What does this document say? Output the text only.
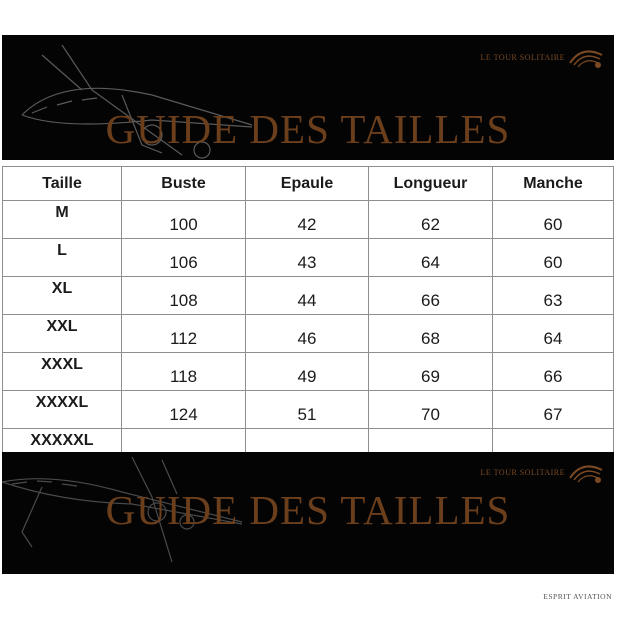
LE TOUR SOLITAIRE
GUIDE DES TAILLES
Taille	Buste	Epaule	Longueur	Manche
M	100	42	62	60
L	106	43	64	60
XL	108	44	66	63
XXL	112	46	68	64
XXXL	118	49	69	66
XXXXL	124	51	70	67
XXXXXL				
LE TOUR SOLITAIRE
GUIDE DES TAILLES
ESPRIT AVIATION
